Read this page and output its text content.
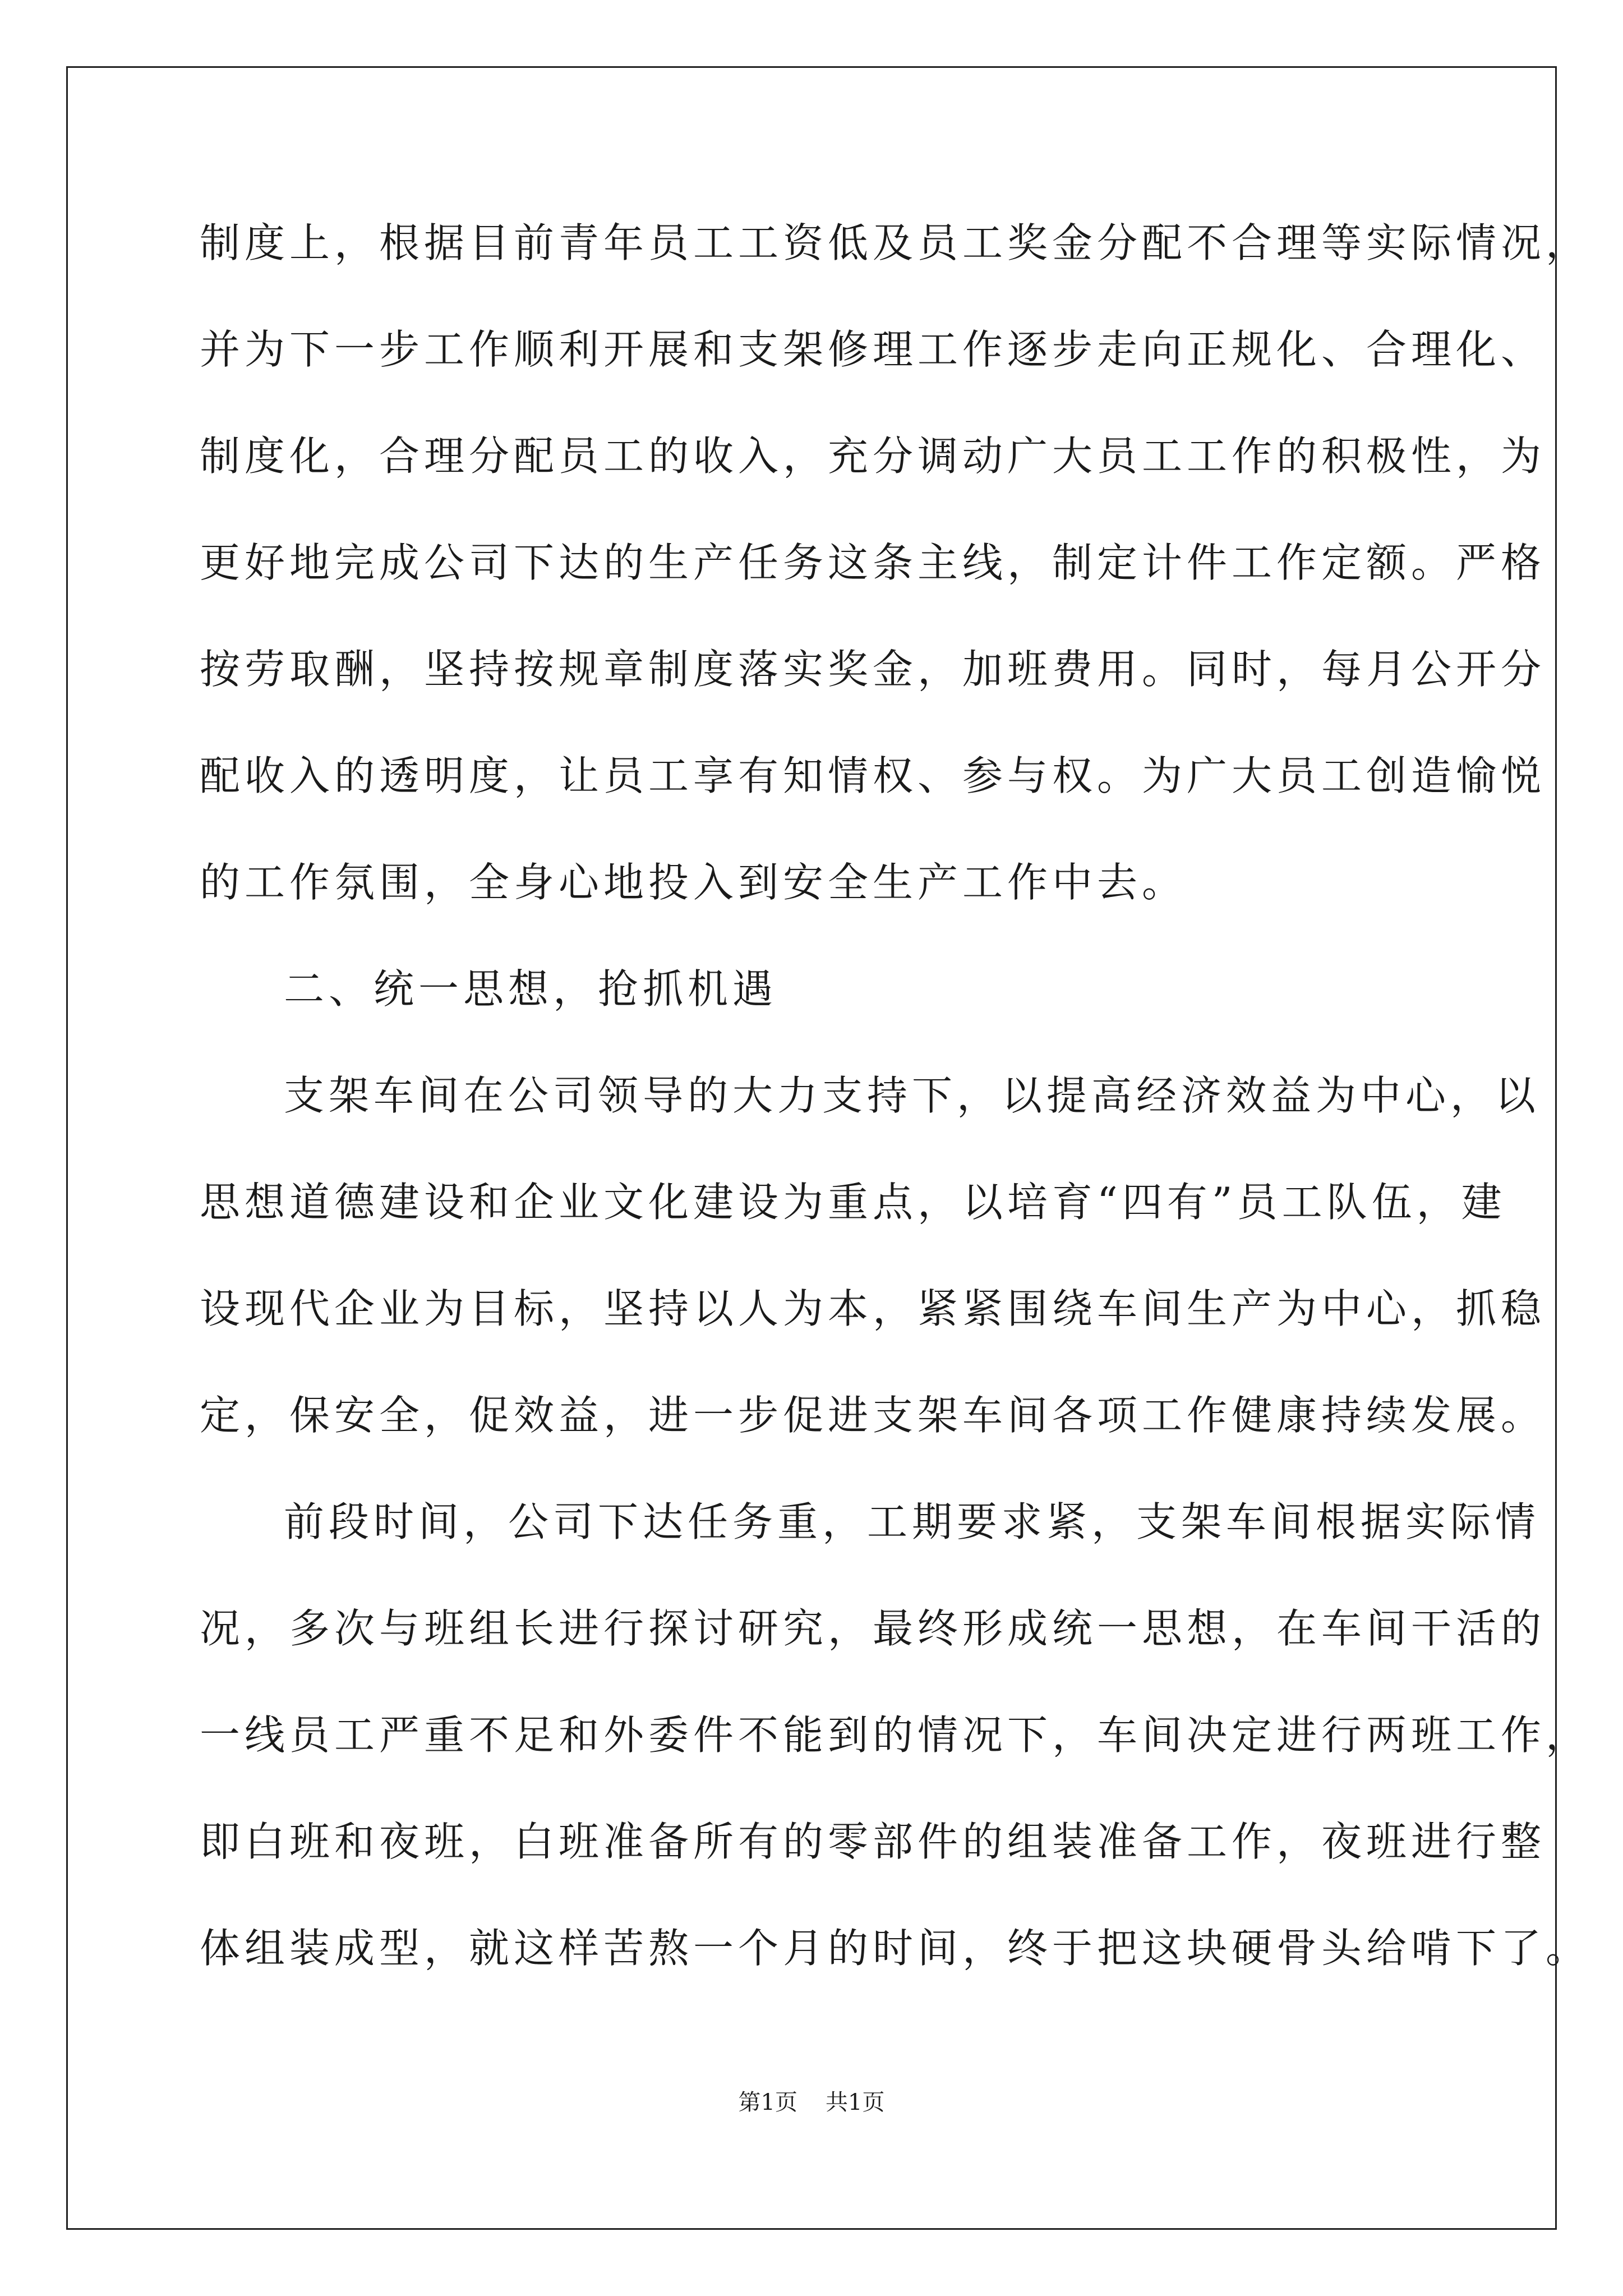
制度上，根据目前青年员工工资低及员工奖金分配不合理等实际情况，
并为下一步工作顺利开展和支架修理工作逐步走向正规化、合理化、
制度化，合理分配员工的收入，充分调动广大员工工作的积极性，为
更好地完成公司下达的生产任务这条主线，制定计件工作定额。严格
按劳取酬，坚持按规章制度落实奖金，加班费用。同时，每月公开分
配收入的透明度，让员工享有知情权、参与权。为广大员工创造愉悦
的工作氛围，全身心地投入到安全生产工作中去。
二、统一思想，抢抓机遇
支架车间在公司领导的大力支持下，以提高经济效益为中心，以
思想道德建设和企业文化建设为重点，以培育“四有”员工队伍，建
设现代企业为目标，坚持以人为本，紧紧围绕车间生产为中心，抓稳
定，保安全，促效益，进一步促进支架车间各项工作健康持续发展。
前段时间，公司下达任务重，工期要求紧，支架车间根据实际情
况，多次与班组长进行探讨研究，最终形成统一思想，在车间干活的
一线员工严重不足和外委件不能到的情况下，车间决定进行两班工作，
即白班和夜班，白班准备所有的零部件的组装准备工作，夜班进行整
体组装成型，就这样苦熬一个月的时间，终于把这块硬骨头给啃下了。
第1页 共1页
